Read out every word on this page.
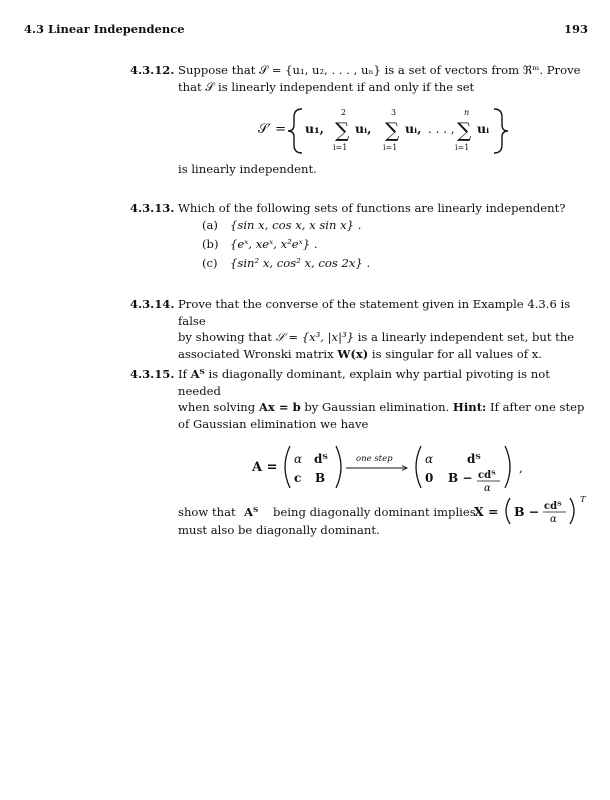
4.3 Linear Independence	193
4.3.12. Suppose that 𝒮 = {u₁, u₂, . . . , uₙ} is a set of vectors from ℜᵐ. Prove
that 𝒮 is linearly independent if and only if the set
𝒮′ = u₁,
2
∑
i=1
uᵢ,
3
∑
i=1
uᵢ, . . . ,
n
∑
i=1
uᵢ
is linearly independent.
4.3.13. Which of the following sets of functions are linearly independent?
(a) {sin x, cos x, x sin x} .
(b) {eˣ, xeˣ, x²eˣ} .
(c) {sin² x, cos² x, cos 2x} .
4.3.14. Prove that the converse of the statement given in Example 4.3.6 is false
by showing that 𝒮 = {x³, |x|³} is a linearly independent set, but the
associated Wronski matrix W(x) is singular for all values of x.
4.3.15. If Aᵀ is diagonally dominant, explain why partial pivoting is not needed
when solving Ax = b by Gaussian elimination. Hint: If after one step
of Gaussian elimination we have
A =
α dᵀ
c B
one step	α	dᵀ
0 B − cdᵀ
α
,
show that Aᵀ being diagonally dominant implies
X = B − cdᵀ
α
T
must also be diagonally dominant.
